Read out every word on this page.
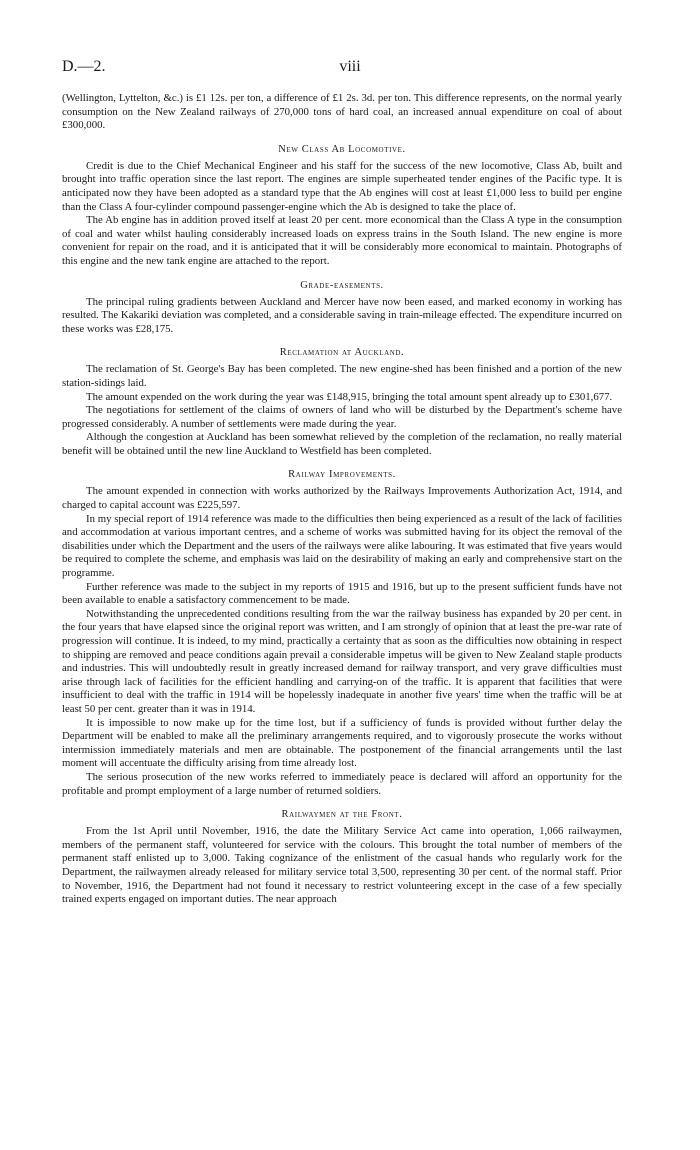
D.—2.	viii

(Wellington, Lyttelton, &c.) is £1 12s. per ton, a difference of £1 2s. 3d. per ton. This difference represents, on the normal yearly consumption on the New Zealand railways of 270,000 tons of hard coal, an increased annual expenditure on coal of about £300,000.

New Class Ab Locomotive.

Credit is due to the Chief Mechanical Engineer and his staff for the success of the new locomotive, Class Ab, built and brought into traffic operation since the last report. The engines are simple superheated tender engines of the Pacific type. It is anticipated now they have been adopted as a standard type that the Ab engines will cost at least £1,000 less to build per engine than the Class A four-cylinder compound passenger-engine which the Ab is designed to take the place of.

The Ab engine has in addition proved itself at least 20 per cent. more economical than the Class A type in the consumption of coal and water whilst hauling considerably increased loads on express trains in the South Island. The new engine is more convenient for repair on the road, and it is anticipated that it will be considerably more economical to maintain. Photographs of this engine and the new tank engine are attached to the report.

Grade-easements.

The principal ruling gradients between Auckland and Mercer have now been eased, and marked economy in working has resulted. The Kakariki deviation was completed, and a considerable saving in train-mileage effected. The expenditure incurred on these works was £28,175.

Reclamation at Auckland.

The reclamation of St. George's Bay has been completed. The new engine-shed has been finished and a portion of the new station-sidings laid.

The amount expended on the work during the year was £148,915, bringing the total amount spent already up to £301,677.

The negotiations for settlement of the claims of owners of land who will be disturbed by the Department's scheme have progressed considerably. A number of settlements were made during the year.

Although the congestion at Auckland has been somewhat relieved by the completion of the reclamation, no really material benefit will be obtained until the new line Auckland to Westfield has been completed.

Railway Improvements.

The amount expended in connection with works authorized by the Railways Improvements Authorization Act, 1914, and charged to capital account was £225,597.

In my special report of 1914 reference was made to the difficulties then being experienced as a result of the lack of facilities and accommodation at various important centres, and a scheme of works was submitted having for its object the removal of the disabilities under which the Department and the users of the railways were alike labouring. It was estimated that five years would be required to complete the scheme, and emphasis was laid on the desirability of making an early and comprehensive start on the programme.

Further reference was made to the subject in my reports of 1915 and 1916, but up to the present sufficient funds have not been available to enable a satisfactory commencement to be made.

Notwithstanding the unprecedented conditions resulting from the war the railway business has expanded by 20 per cent. in the four years that have elapsed since the original report was written, and I am strongly of opinion that at least the pre-war rate of progression will continue. It is indeed, to my mind, practically a certainty that as soon as the difficulties now obtaining in respect to shipping are removed and peace conditions again prevail a considerable impetus will be given to New Zealand staple products and industries. This will undoubtedly result in greatly increased demand for railway transport, and very grave difficulties must arise through lack of facilities for the efficient handling and carrying-on of the traffic. It is apparent that facilities that were insufficient to deal with the traffic in 1914 will be hopelessly inadequate in another five years' time when the traffic will be at least 50 per cent. greater than it was in 1914.

It is impossible to now make up for the time lost, but if a sufficiency of funds is provided without further delay the Department will be enabled to make all the preliminary arrangements required, and to vigorously prosecute the works without intermission immediately materials and men are obtainable. The postponement of the financial arrangements until the last moment will accentuate the difficulty arising from time already lost.

The serious prosecution of the new works referred to immediately peace is declared will afford an opportunity for the profitable and prompt employment of a large number of returned soldiers.

Railwaymen at the Front.

From the 1st April until November, 1916, the date the Military Service Act came into operation, 1,066 railwaymen, members of the permanent staff, volunteered for service with the colours. This brought the total number of members of the permanent staff enlisted up to 3,000. Taking cognizance of the enlistment of the casual hands who regularly work for the Department, the railwaymen already released for military service total 3,500, representing 30 per cent. of the normal staff. Prior to November, 1916, the Department had not found it necessary to restrict volunteering except in the case of a few specially trained experts engaged on important duties. The near approach
